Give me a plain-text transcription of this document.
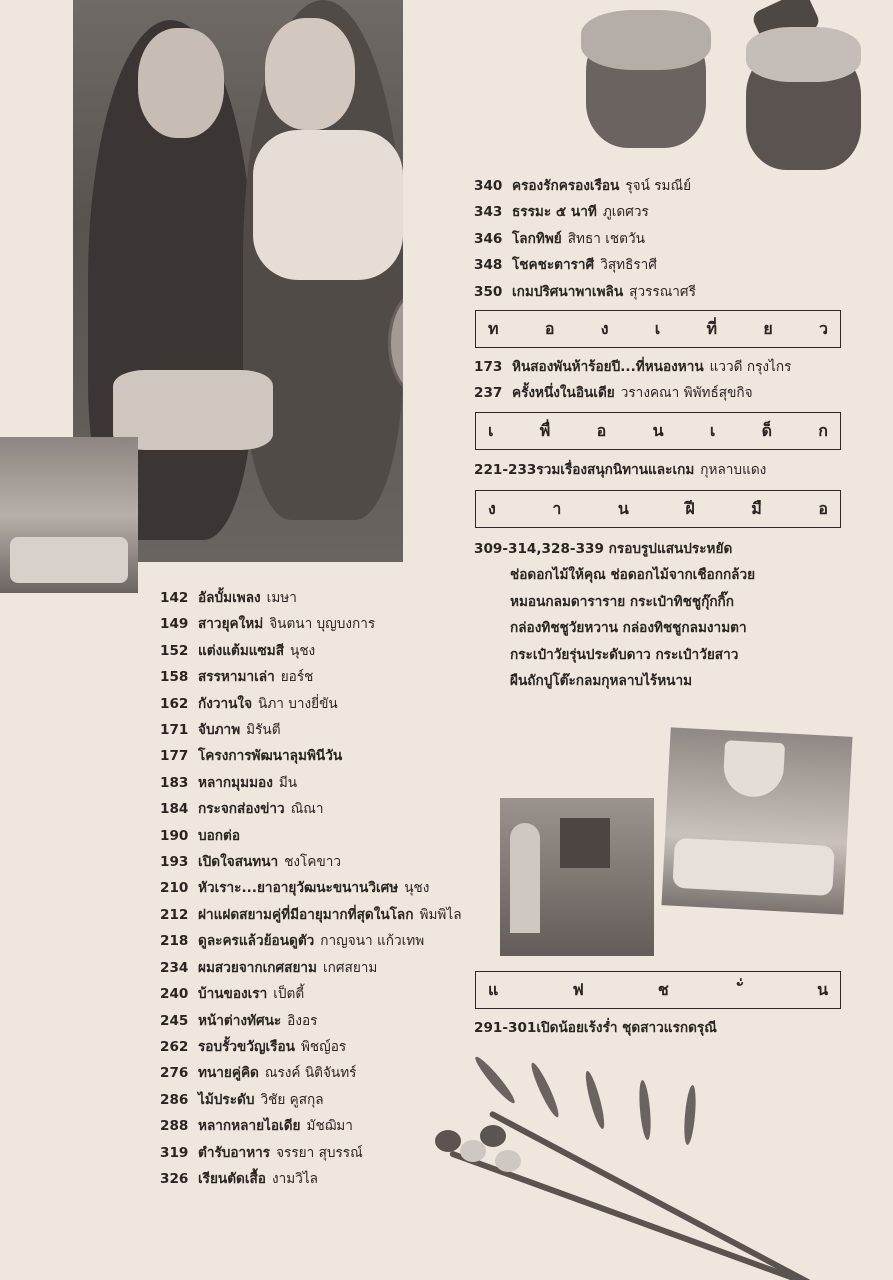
142 อัลบั้มเพลง เมษา
149 สาวยุคใหม่ จินตนา บุญบงการ
152 แต่งแต้มแซมสี นุชง
158 สรรหามาเล่า ยอร์ช
162 กังวานใจ นิภา บางยี่ขัน
171 จับภาพ มิรันตี
177 โครงการพัฒนาลุมพินีวัน
183 หลากมุมมอง มีน
184 กระจกส่องข่าว ณิณา
190 บอกต่อ
193 เปิดใจสนทนา ชงโคขาว
210 หัวเราะ...ยาอายุวัฒนะขนานวิเศษ นุชง
212 ฝาแฝดสยามคู่ที่มีอายุมากที่สุดในโลก พิมพิไล
218 ดูละครแล้วย้อนดูตัว กาญจนา แก้วเทพ
234 ผมสวยจากเกศสยาม เกศสยาม
240 บ้านของเรา เป็ตตี้
245 หน้าต่างทัศนะ อิงอร
262 รอบรั้วขวัญเรือน พิชญ์อร
276 ทนายคู่คิด ณรงค์ นิติจันทร์
286 ไม้ประดับ วิชัย คูสกุล
288 หลากหลายไอเดีย มัชฌิมา
319 ตำรับอาหาร จรรยา สุบรรณ์
326 เรียนตัดเสื้อ งามวิไล
340 ครองรักครองเรือน รุจน์ รมณีย์
343 ธรรมะ ๕ นาที ภูเดศวร
346 โลกทิพย์ สิทธา เชตวัน
348 โชคชะตาราศี วิสุทธิราศี
350 เกมปริศนาพาเพลิน สุวรรณาศรี
ท	อ	ง	เ	ที่	ย	ว
173 หินสองพันห้าร้อยปี...ที่หนองหาน แววดี กรุงไกร
237 ครั้งหนึ่งในอินเดีย วรางคณา พิพัทธ์สุขกิจ
เ	พื่	อ	น	เ	ด็	ก
221-233รวมเรื่องสนุกนิทานและเกม กุหลาบแดง
ง	า	น	ฝี	มื	อ
309-314,328-339 กรอบรูปแสนประหยัด
ช่อดอกไม้ให้คุณ ช่อดอกไม้จากเชือกกล้วย
หมอนกลมดาราราย กระเป๋าทิชชูกุ๊กกิ๊ก
กล่องทิชชูวัยหวาน กล่องทิชชูกลมงามตา
กระเป๋าวัยรุ่นประดับดาว กระเป๋าวัยสาว
ผืนถักปูโต๊ะกลมกุหลาบไร้หนาม
แ	ฟ	ช	น
291-301เปิดน้อยเร้งร่ำ ชุดสาวแรกดรุณี
